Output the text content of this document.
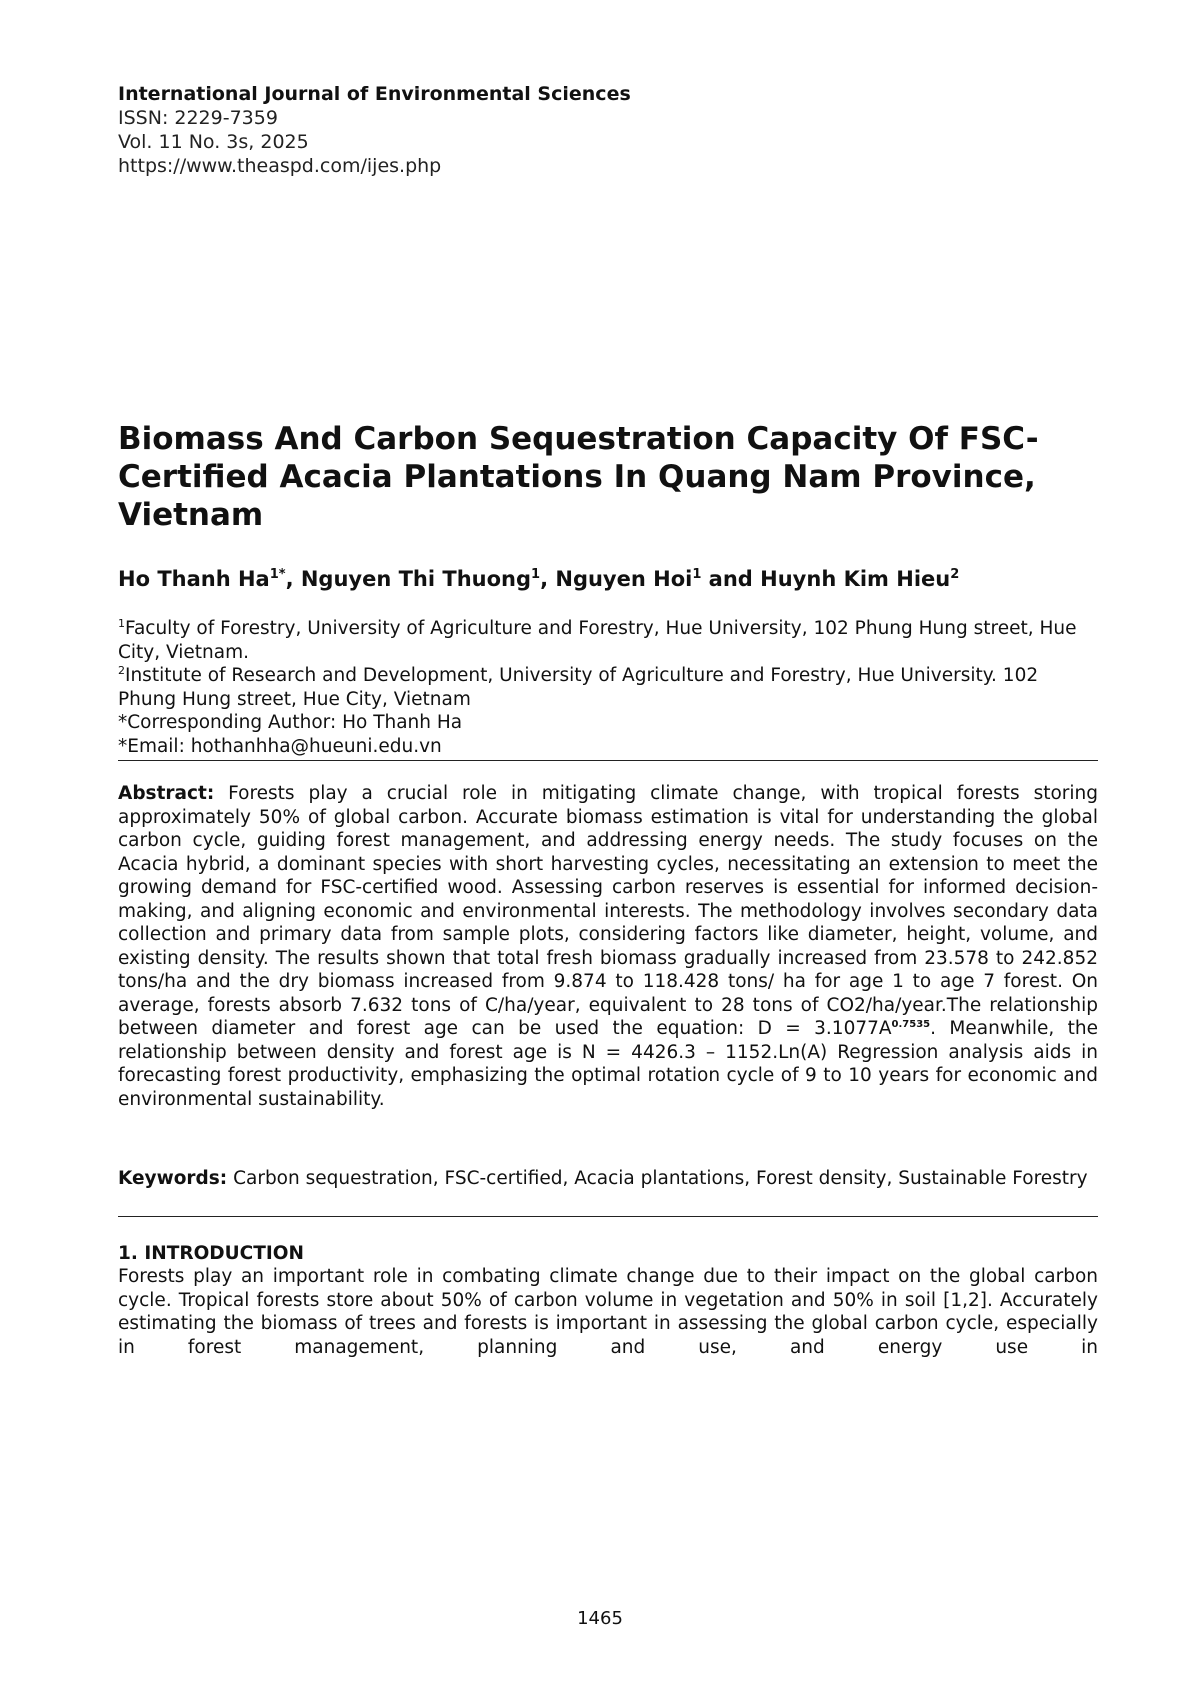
International Journal of Environmental Sciences
ISSN: 2229-7359
Vol. 11 No. 3s, 2025
https://www.theaspd.com/ijes.php
Biomass And Carbon Sequestration Capacity Of FSC-Certified Acacia Plantations In Quang Nam Province, Vietnam
Ho Thanh $Ha^{1*}$, Nguyen Thi Thuong$^1$, Nguyen Hoi$^1$ and Huynh Kim Hieu$^2$
$^1$Faculty of Forestry, University of Agriculture and Forestry, Hue University, 102 Phung Hung street, Hue City, Vietnam.
$^2$Institute of Research and Development, University of Agriculture and Forestry, Hue University. 102 Phung Hung street, Hue City, Vietnam
*Corresponding Author: Ho Thanh Ha
*Email: hothanhha@hueuni.edu.vn
Abstract: Forests play a crucial role in mitigating climate change, with tropical forests storing approximately 50% of global carbon. Accurate biomass estimation is vital for understanding the global carbon cycle, guiding forest management, and addressing energy needs. The study focuses on the Acacia hybrid, a dominant species with short harvesting cycles, necessitating an extension to meet the growing demand for FSC-certified wood. Assessing carbon reserves is essential for informed decision-making, and aligning economic and environmental interests. The methodology involves secondary data collection and primary data from sample plots, considering factors like diameter, height, volume, and existing density. The results shown that total fresh biomass gradually increased from 23.578 to 242.852 tons/ha and the dry biomass increased from 9.874 to 118.428 tons/ ha for age 1 to age 7 forest. On average, forests absorb 7.632 tons of C/ha/year, equivalent to 28 tons of CO2/ha/year.The relationship between diameter and forest age can be used the equation: $D = 3.1077A^{0.7535}$. Meanwhile, the relationship between density and forest age is N = 4426.3 – 1152.Ln(A) Regression analysis aids in forecasting forest productivity, emphasizing the optimal rotation cycle of 9 to 10 years for economic and environmental sustainability.
Keywords: Carbon sequestration, FSC-certified, Acacia plantations, Forest density, Sustainable Forestry
1. INTRODUCTION
Forests play an important role in combating climate change due to their impact on the global carbon cycle. Tropical forests store about 50% of carbon volume in vegetation and 50% in soil [1,2]. Accurately estimating the biomass of trees and forests is important in assessing the global carbon cycle, especially in forest management, planning and use, and energy use in
1465
